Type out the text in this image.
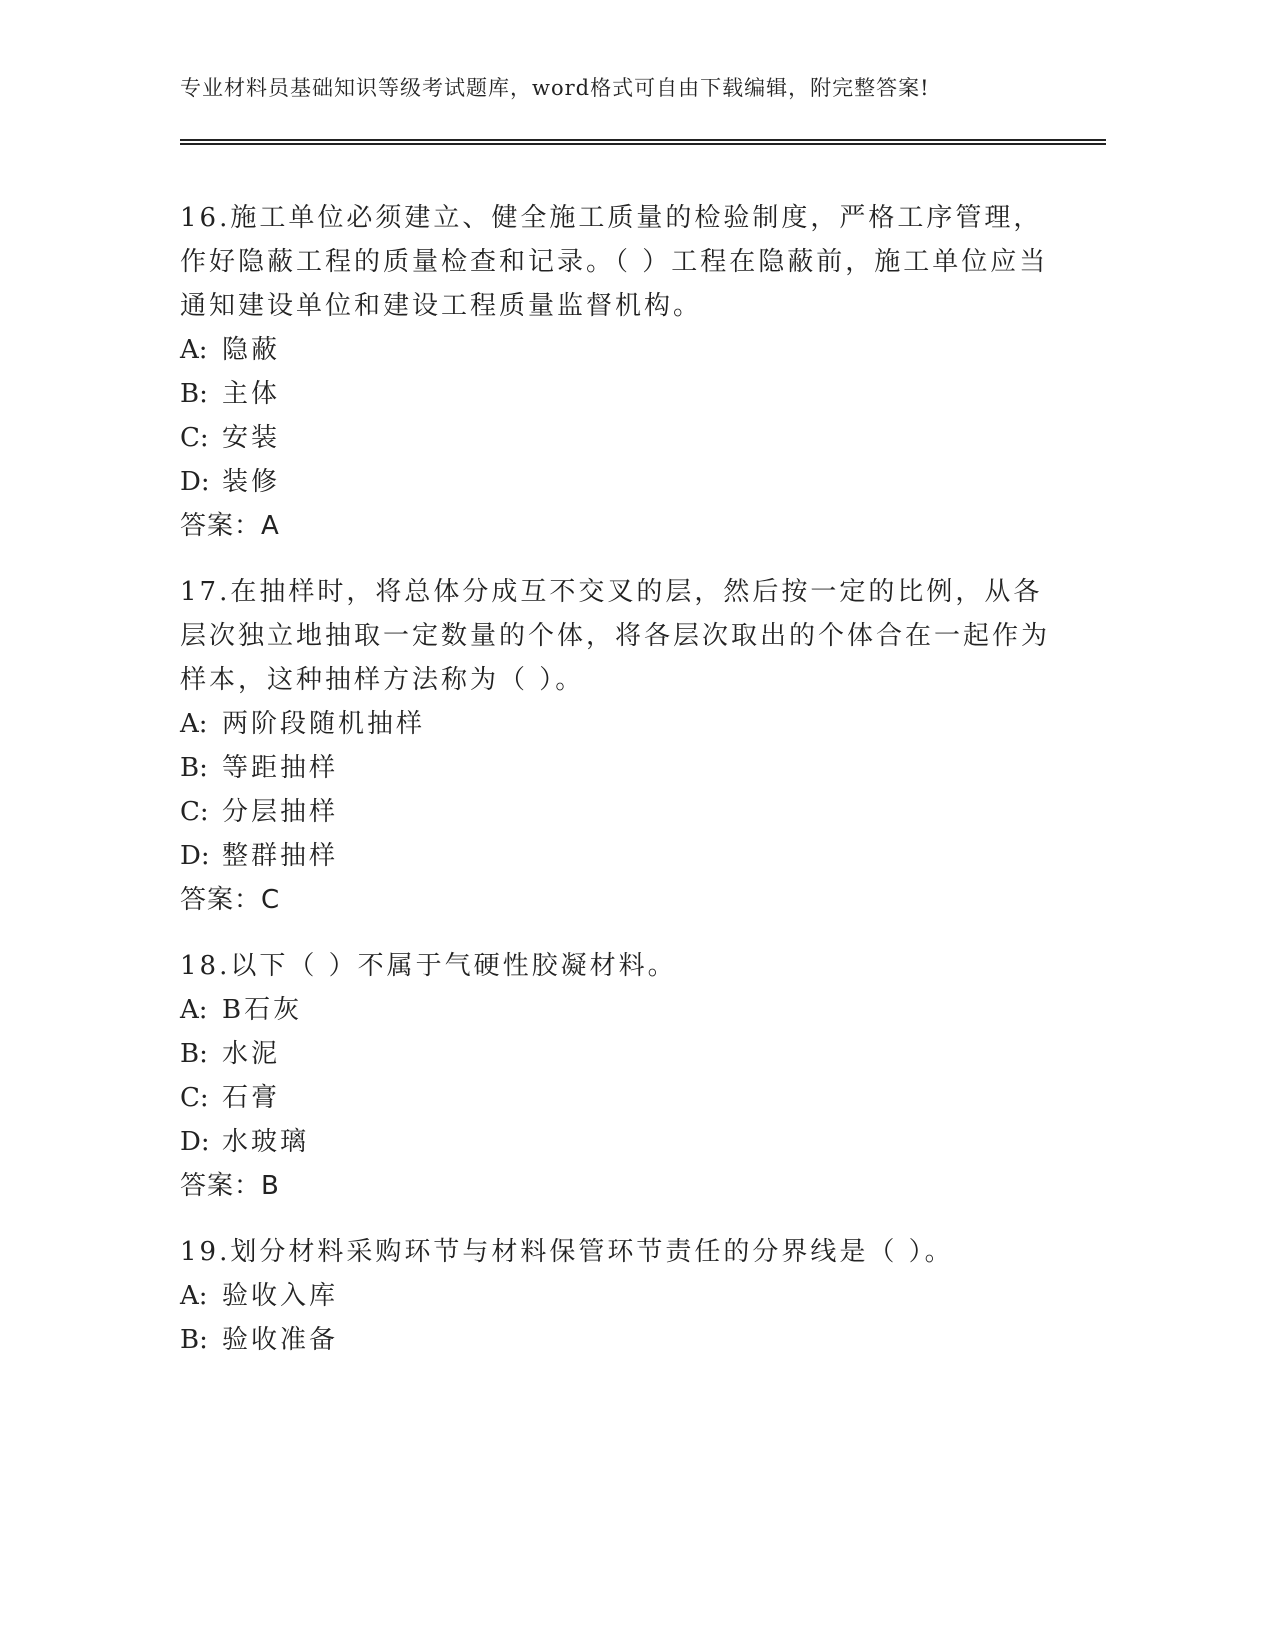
专业材料员基础知识等级考试题库，word格式可自由下载编辑，附完整答案!

16.施工单位必须建立、健全施工质量的检验制度，严格工序管理，作好隐蔽工程的质量检查和记录。（ ）工程在隐蔽前，施工单位应当通知建设单位和建设工程质量监督机构。

A: 隐蔽
B: 主体
C: 安装
D: 装修
答案：A

17.在抽样时，将总体分成互不交叉的层，然后按一定的比例，从各层次独立地抽取一定数量的个体，将各层次取出的个体合在一起作为样本，这种抽样方法称为（ ）。

A: 两阶段随机抽样
B: 等距抽样
C: 分层抽样
D: 整群抽样
答案：C

18.以下（ ）不属于气硬性胶凝材料。

A: B石灰
B: 水泥
C: 石膏
D: 水玻璃
答案：B

19.划分材料采购环节与材料保管环节责任的分界线是（ ）。

A: 验收入库
B: 验收准备
